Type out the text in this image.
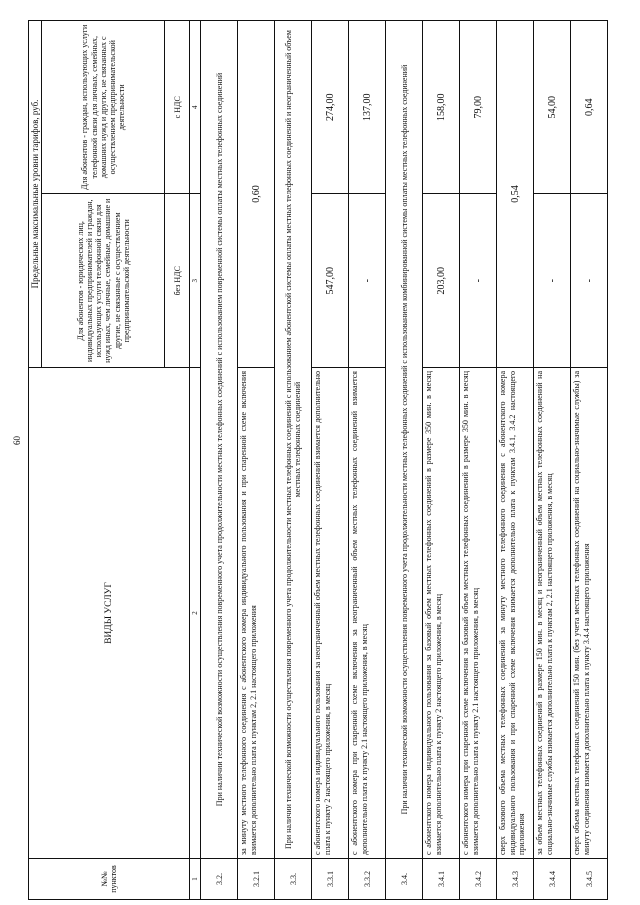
60
№№ пунктов	ВИДЫ УСЛУГ	Предельные максимальные уровни тарифов, руб.	
		Для абонентов - юридических лиц, индивидуальных предпринимателей и граждан, использующих услуги телефонной связи для нужд иных, чем личные, семейные, домашние и другие, не связанные с осуществлением предпринимательской деятельности	Для абонентов - граждан, использующих услуги телефонной связи для личных, семейных, домашних нужд и других, не связанных с осуществлением предпринимательской деятельности
		без НДС	с НДС
1	2	3	4
3.2.	При наличии технической возможности осуществления повременного учета продолжительности местных телефонных соединений с использованием повременной системы оплаты местных телефонных соединений		
3.2.1	за минуту местного телефонного соединения с абонентского номера индивидуального пользования и при спаренной схеме включения взимается дополнительно плата к пунктам 2, 2.1 настоящего приложения	0,60	
3.3.	При наличии технической возможности осуществления повременного учета продолжительности местных телефонных соединений с использованием абонентской системы оплаты местных телефонных соединений и неограниченный объем местных телефонных соединений		
3.3.1	с абонентского номера индивидуального пользования за неограниченный объем местных телефонных соединений взимается дополнительно плата к пункту 2 настоящего приложения, в месяц	547,00	274,00
3.3.2	с абонентского номера при спаренной схеме включения за неограниченный объем местных телефонных соединений взимается дополнительно плата к пункту 2.1 настоящего приложения, в месяц	-	137,00
3.4.	При наличии технической возможности осуществления повременного учета продолжительности местных телефонных соединений с использованием комбинированной системы оплаты местных телефонных соединений		
3.4.1	с абонентского номера индивидуального пользования за базовый объем местных телефонных соединений в размере 350 мин. в месяц взимается дополнительно плата к пункту 2 настоящего приложения, в месяц	203,00	158,00
3.4.2	с абонентского номера при спаренной схеме включения за базовый объем местных телефонных соединений в размере 350 мин. в месяц взимается дополнительно плата к пункту 2.1 настоящего приложения, в месяц	-	79,00
3.4.3	сверх базового объема местных телефонных соединений за минуту местного телефонного соединения с абонентского номера индивидуального пользования и при спаренной схеме включения взимается дополнительно плата к пунктам 3.4.1, 3.4.2 настоящего приложения	0,54	
3.4.4	за объем местных телефонных соединений в размере 150 мин. в месяц и неограниченный объем местных телефонных соединений на социально-значимые службы взимается дополнительно плата к пунктам 2, 2.1 настоящего приложения, в месяц	-	54,00
3.4.5	сверх объема местных телефонных соединений 150 мин. (без учета местных телефонных соединений на социально-значимые службы) за минуту соединения взимается дополнительно плата к пункту 3.4.4 настоящего приложения	-	0,64
